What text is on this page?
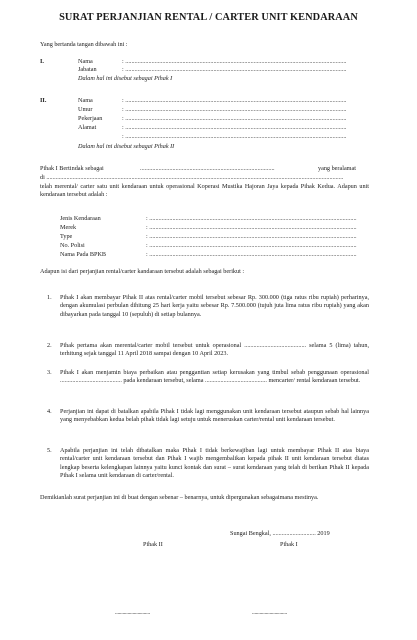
SURAT PERJANJIAN RENTAL / CARTER UNIT KENDARAAN
Yang bertanda tangan dibawah ini :
I.	Nama	: ...............................................................................................................................................
Jabatan	: ...............................................................................................................................................
Dalam hal ini disebut sebagai Pihak I
II.	Nama	: ...............................................................................................................................................
Umur	: ...............................................................................................................................................
Pekerjaan	: ...............................................................................................................................................
Alamat	: ...............................................................................................................................................
: ...............................................................................................................................................
Dalam hal ini disebut sebagai Pihak II
Pihak I Bertindak sebagai	.......................................................................................	yang beralamat
di ................................................................................................................................................................................................
telah merental/ carter satu unit kendaraan untuk operasional Koperasi Mustika Hajoran Jaya kepada Pihak Kedua. Adapun unit kendaraan tersebut adalah :
Jenis Kendaraan	: ......................................................................................................................................
Merek	: ......................................................................................................................................
Type	: ......................................................................................................................................
No. Polisi	: ......................................................................................................................................
Nama Pada BPKB	: ......................................................................................................................................
Adapun isi dari perjanjian rental/carter kandaraan tersebut adalah sebagai berikut :
1. Pihak I akan membayar Pihak II atas rental/carter mobil tersebut sebesar Rp. 300.000 (tiga ratus ribu rupiah) perharinya, dengan akumulasi perbulan dihitung 25 hari kerja yaitu sebesar Rp. 7.500.000 (tujuh juta lima ratus ribu rupiah) yang akan dibayarkan pada tanggal 10 (sepuluh) di setiap bulannya.
2. Pihak pertama akan merental/carter mobil tersebut untuk operasional ........................................ selama 5 (lima) tahun, terhitung sejak tanggal 11 April 2018 sampai dengan 10 April 2023.
3. Pihak I akan menjamin biaya perbaikan atau penggantian setiap kerusakan yang timbul sebab penggunaan operasional ........................................ pada kendaraan tersebut, selama ........................................ mencarter/ rental kendaraan tersebut.
4. Perjanjian ini dapat di batalkan apabila Pihak I tidak lagi menggunakan unit kendaraan tersebut ataupun sebab hal lainnya yang menyebabkan kedua belah pihak tidak lagi setuju untuk meneruskan carter/rental unit kendaraan tersebut.
5. Apabila perjanjian ini telah dibatalkan maka Pihak I tidak berkewajiban lagi untuk membayar Pihak II atas biaya rental/carter unit kendaraan tersebut dan Pihak I wajib mengembalikan kepada pihak II unit kendaraan tersebut diatas lengkap beserta kelengkapan lainnya yaitu kunci kontak dan surat – surat kendaraan yang telah di berikan Pihak II kepada Pihak I selama unit kendaraan di carter/rental.
Demikianlah surat perjanjian ini di buat dengan sebenar – benarnya, untuk dipergunakan sebagaimana mestinya.
Sungai Bengkal, ............................ 2019
Pihak II	Pihak I
............................	............................
